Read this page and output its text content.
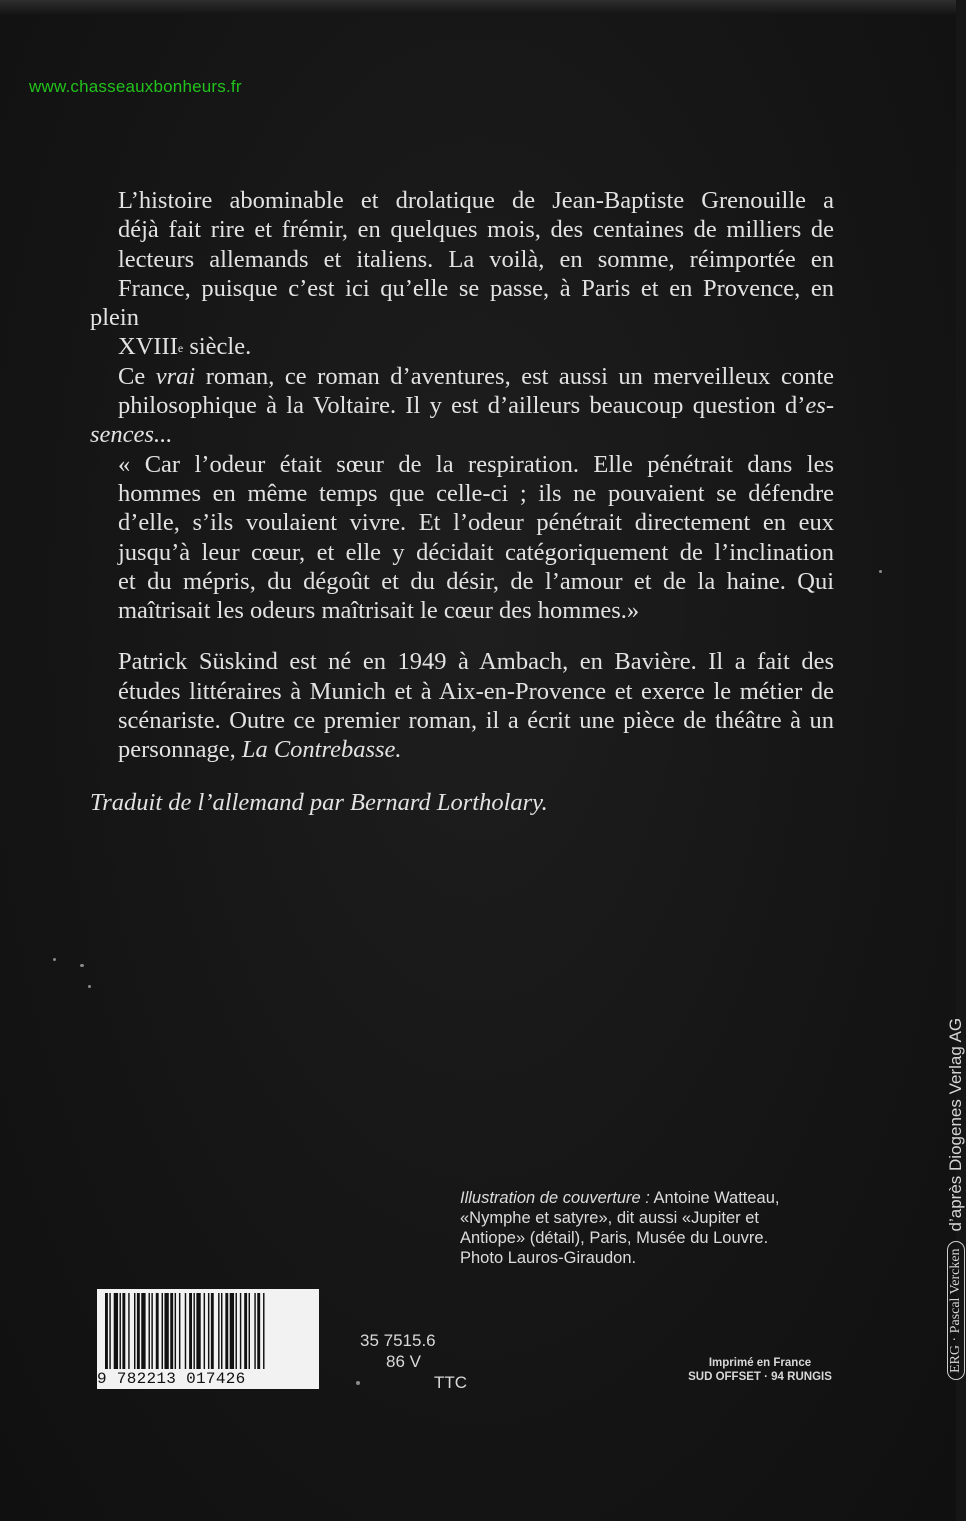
www.chasseauxbonheurs.fr

L’histoire abominable et drolatique de Jean-Baptiste Grenouille a
déjà fait rire et frémir, en quelques mois, des centaines de milliers de
lecteurs allemands et italiens. La voilà, en somme, réimportée en
France, puisque c’est ici qu’elle se passe, à Paris et en Provence, en plein
XVIIIe siècle.

Ce vrai roman, ce roman d’aventures, est aussi un merveilleux conte
philosophique à la Voltaire. Il y est d’ailleurs beaucoup question d’es-
sences...

« Car l’odeur était sœur de la respiration. Elle pénétrait dans les
hommes en même temps que celle-ci ; ils ne pouvaient se défendre
d’elle, s’ils voulaient vivre. Et l’odeur pénétrait directement en eux
jusqu’à leur cœur, et elle y décidait catégoriquement de l’inclination
et du mépris, du dégoût et du désir, de l’amour et de la haine. Qui
maîtrisait les odeurs maîtrisait le cœur des hommes.»

Patrick Süskind est né en 1949 à Ambach, en Bavière. Il a fait des
études littéraires à Munich et à Aix-en-Provence et exerce le métier de
scénariste. Outre ce premier roman, il a écrit une pièce de théâtre à un
personnage, La Contrebasse.

Traduit de l’allemand par Bernard Lortholary.

Illustration de couverture : Antoine Watteau,
«Nymphe et satyre», dit aussi «Jupiter et
Antiope» (détail), Paris, Musée du Louvre.
Photo Lauros-Giraudon.
9 782213 017426
35 7515.6
86 V
TTC
Imprimé en France
SUD OFFSET · 94 RUNGIS
ERG · Pascal Vercken
d’après Diogenes Verlag AG
